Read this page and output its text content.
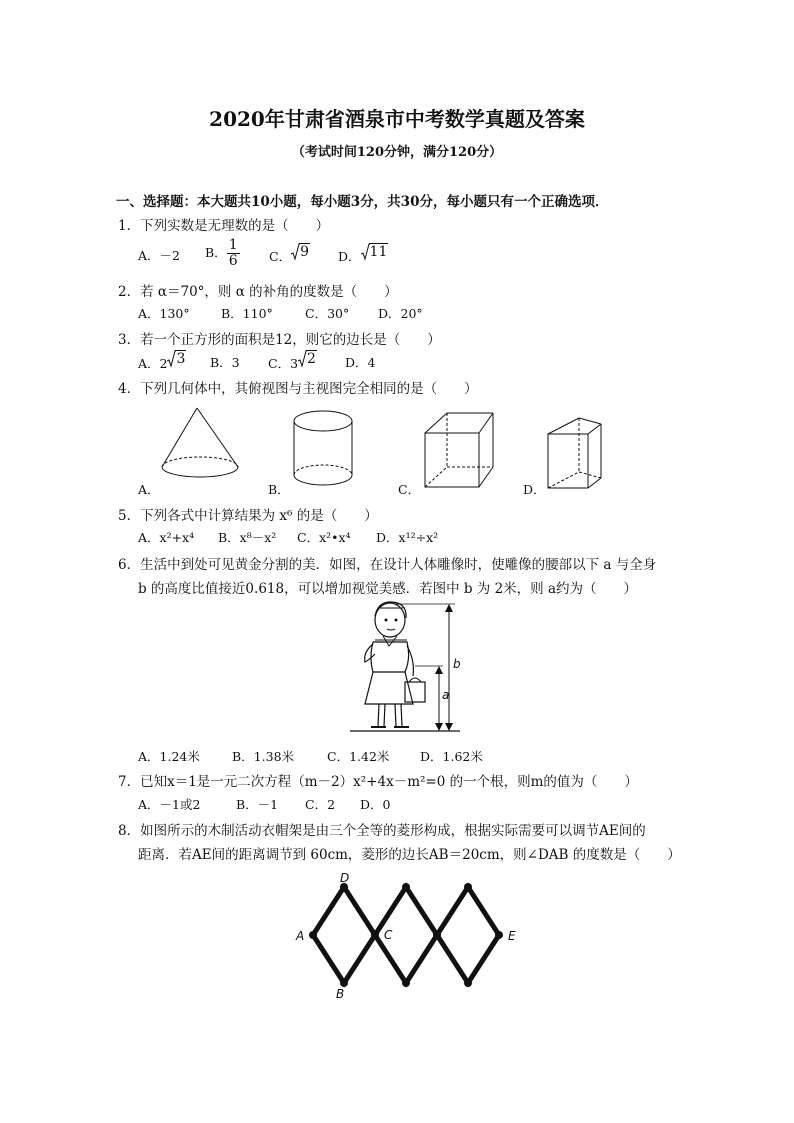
2020年甘肃省酒泉市中考数学真题及答案
（考试时间120分钟，满分120分）
一、选择题：本大题共10小题，每小题3分，共30分，每小题只有一个正确选项．
1．下列实数是无理数的是（　　）
A．－2 B． $\frac{1}{6}$ C． 9 D． 11
2．若 α＝70°，则 α 的补角的度数是（　　）
A．130°	B．110°	C．30° D．20°
3．若一个正方形的面积是12，则它的边长是（　　）
A．2 3 B．3 C．3 2 D．4
4．下列几何体中，其俯视图与主视图完全相同的是（　　）
A．	B．	C．	D．
5．下列各式中计算结果为 x⁶ 的是（　　）
A．x²+x⁴ B．x⁸－x² C．x²•x⁴ D．x¹²÷x²
6．生活中到处可见黄金分割的美．如图，在设计人体雕像时，使雕像的腰部以下 a 与全身
b 的高度比值接近0.618，可以增加视觉美感．若图中 b 为 2米，则 a约为（　　）
b
a
A．1.24米	B．1.38米	C．1.42米 D．1.62米
7．已知x＝1是一元二次方程（m－2）x²+4x－m²=0 的一个根，则m的值为（　　）
A．－1或2	B．－1 C．2 D．0
8．如图所示的木制活动衣帽架是由三个全等的菱形构成，根据实际需要可以调节AE间的
距离．若AE间的距离调节到 60cm，菱形的边长AB＝20cm，则∠DAB 的度数是（　　）
A
B
C
D
E
